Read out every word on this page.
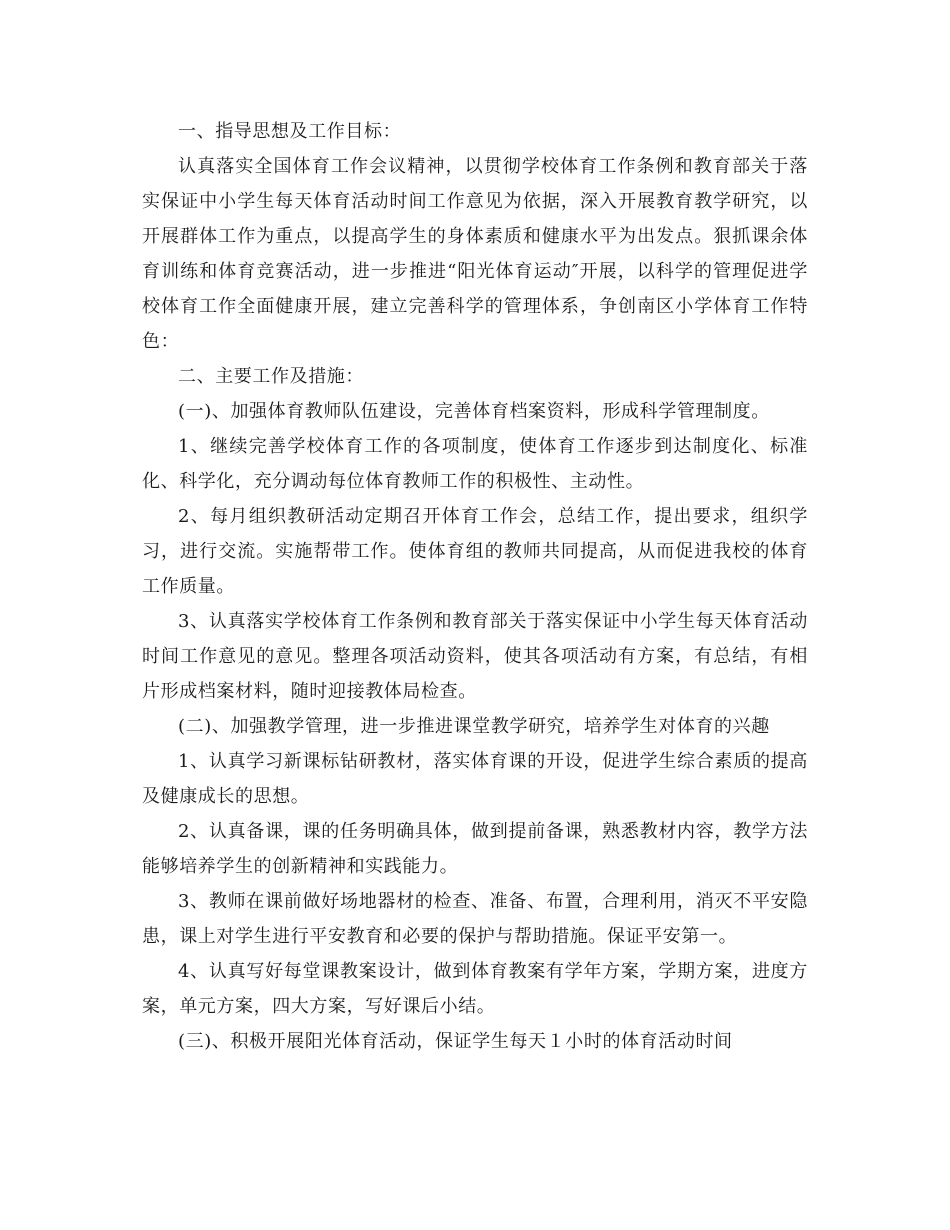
一、指导思想及工作目标：

认真落实全国体育工作会议精神，以贯彻学校体育工作条例和教育部关于落实保证中小学生每天体育活动时间工作意见为依据，深入开展教育教学研究，以开展群体工作为重点，以提高学生的身体素质和健康水平为出发点。狠抓课余体育训练和体育竞赛活动，进一步推进“阳光体育运动″开展，以科学的管理促进学校体育工作全面健康开展，建立完善科学的管理体系，争创南区小学体育工作特色：

二、主要工作及措施：

(一)、加强体育教师队伍建设，完善体育档案资料，形成科学管理制度。

1、继续完善学校体育工作的各项制度，使体育工作逐步到达制度化、标准化、科学化，充分调动每位体育教师工作的积极性、主动性。

2、每月组织教研活动定期召开体育工作会，总结工作，提出要求，组织学习，进行交流。实施帮带工作。使体育组的教师共同提高，从而促进我校的体育工作质量。

3、认真落实学校体育工作条例和教育部关于落实保证中小学生每天体育活动时间工作意见的意见。整理各项活动资料，使其各项活动有方案，有总结，有相片形成档案材料，随时迎接教体局检查。

(二)、加强教学管理，进一步推进课堂教学研究，培养学生对体育的兴趣

1、认真学习新课标钻研教材，落实体育课的开设，促进学生综合素质的提高及健康成长的思想。

2、认真备课，课的任务明确具体，做到提前备课，熟悉教材内容，教学方法能够培养学生的创新精神和实践能力。

3、教师在课前做好场地器材的检查、准备、布置，合理利用，消灭不平安隐患，课上对学生进行平安教育和必要的保护与帮助措施。保证平安第一。

4、认真写好每堂课教案设计，做到体育教案有学年方案，学期方案，进度方案，单元方案，四大方案，写好课后小结。

(三)、积极开展阳光体育活动，保证学生每天１小时的体育活动时间
